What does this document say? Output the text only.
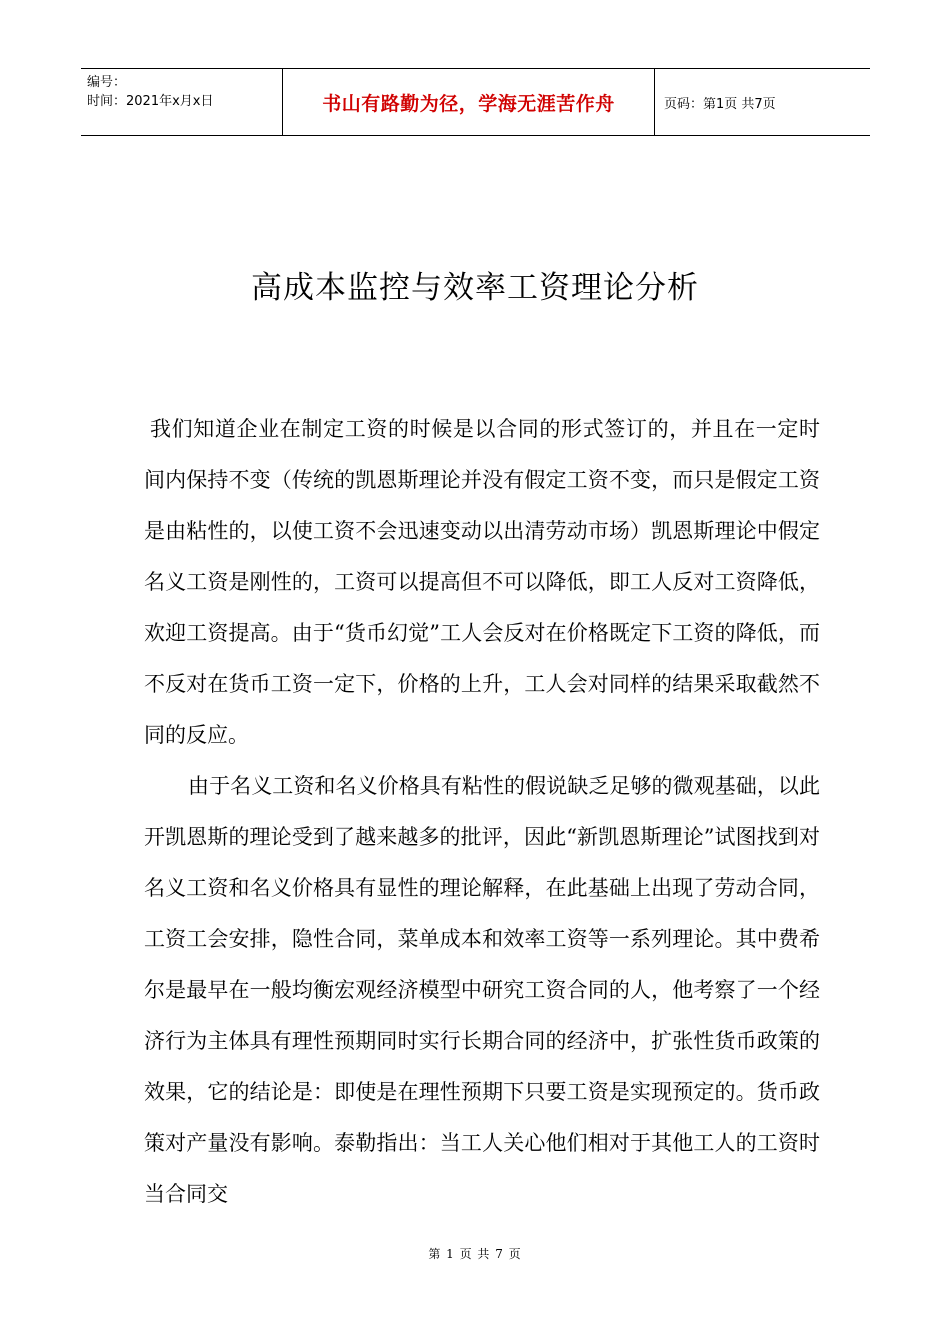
编号：
时间：2021年x月x日	书山有路勤为径，学海无涯苦作舟	页码：第1页 共7页
高成本监控与效率工资理论分析

我们知道企业在制定工资的时候是以合同的形式签订的，并且在一定时间内保持不变（传统的凯恩斯理论并没有假定工资不变，而只是假定工资是由粘性的，以使工资不会迅速变动以出清劳动市场）凯恩斯理论中假定名义工资是刚性的，工资可以提高但不可以降低，即工人反对工资降低，欢迎工资提高。由于“货币幻觉”工人会反对在价格既定下工资的降低，而不反对在货币工资一定下，价格的上升，工人会对同样的结果采取截然不同的反应。

由于名义工资和名义价格具有粘性的假说缺乏足够的微观基础，以此开凯恩斯的理论受到了越来越多的批评，因此“新凯恩斯理论”试图找到对名义工资和名义价格具有显性的理论解释，在此基础上出现了劳动合同，工资工会安排，隐性合同，菜单成本和效率工资等一系列理论。其中费希尔是最早在一般均衡宏观经济模型中研究工资合同的人，他考察了一个经济行为主体具有理性预期同时实行长期合同的经济中，扩张性货币政策的效果，它的结论是：即使是在理性预期下只要工资是实现预定的。货币政策对产量没有影响。泰勒指出：当工人关心他们相对于其他工人的工资时当合同交

第 1 页 共 7 页
